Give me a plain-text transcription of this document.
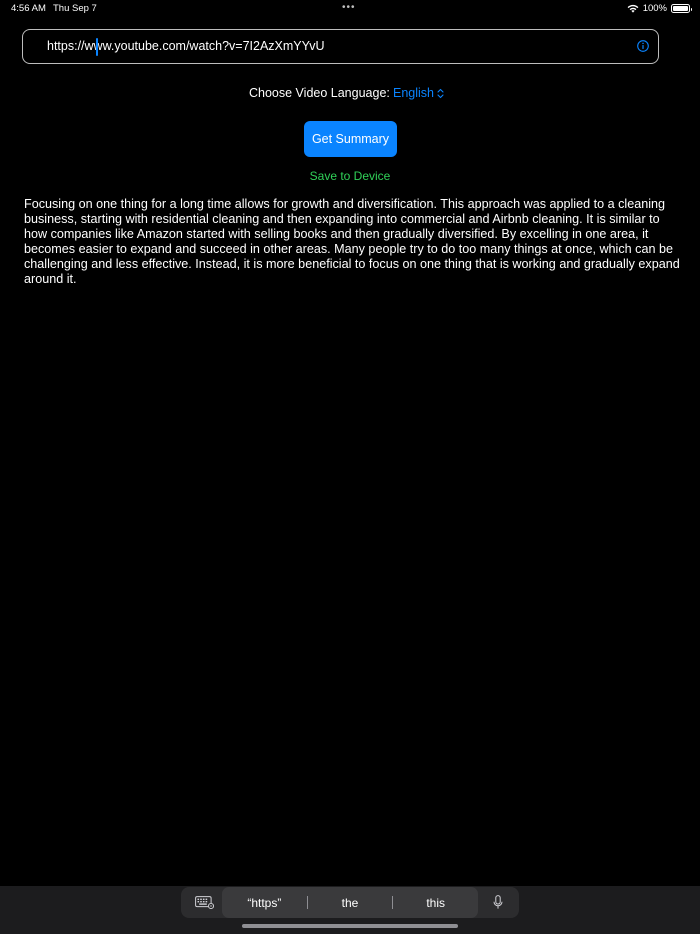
4:56 AM Thu Sep 7	•••	100%
https://www.youtube.com/watch?v=7I2AzXmYYvU
Choose Video Language: English
Get Summary
Save to Device

Focusing on one thing for a long time allows for growth and diversification. This approach was applied to a cleaning business, starting with residential cleaning and then expanding into commercial and Airbnb cleaning. It is similar to how companies like Amazon started with selling books and then gradually diversified. By excelling in one area, it becomes easier to expand and succeed in other areas. Many people try to do too many things at once, which can be challenging and less effective. Instead, it is more beneficial to focus on one thing that is working and gradually expand around it.

“https”	the	this
